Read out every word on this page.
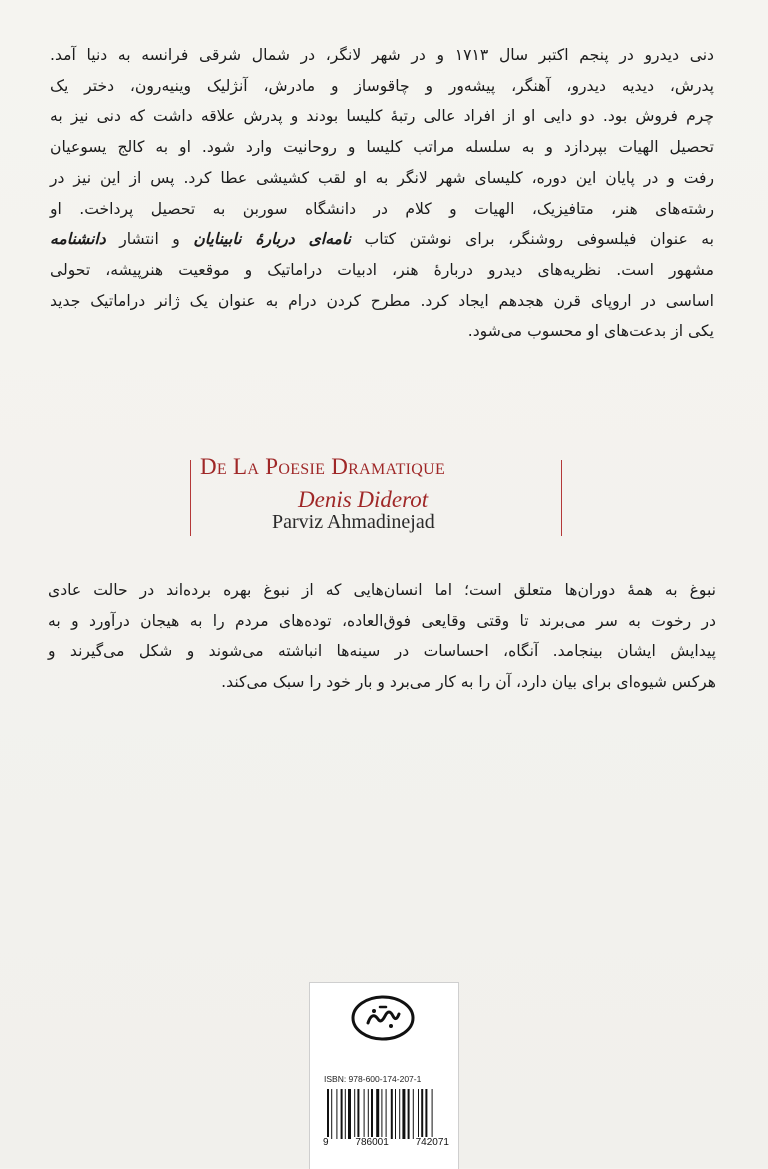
دنی دیدرو در پنجم اکتبر سال ۱۷۱۳ و در شهر لانگر، در شمال شرقی فرانسه به دنیا آمد.
پدرش، دیدیه دیدرو، آهنگر، پیشه‌ور و چاقوساز و مادرش، آنژلیک وینیه‌رون، دختر یک
چرم فروش بود. دو دایی او از افراد عالی رتبهٔ کلیسا بودند و پدرش علاقه داشت که دنی نیز به
تحصیل الهیات بپردازد و به سلسله مراتب کلیسا و روحانیت وارد شود. او به کالج یسوعیان
رفت و در پایان این دوره، کلیسای شهر لانگر به او لقب کشیشی عطا کرد. پس از این نیز در
رشته‌های هنر، متافیزیک، الهیات و کلام در دانشگاه سوربن به تحصیل پرداخت. او
به عنوان فیلسوفی روشنگر، برای نوشتن کتاب نامه‌ای دربارهٔ نابینایان و انتشار دانشنامه
مشهور است. نظریه‌های دیدرو دربارهٔ هنر، ادبیات دراماتیک و موقعیت هنرپیشه، تحولی
اساسی در اروپای قرن هجدهم ایجاد کرد. مطرح کردن درام به عنوان یک ژانر دراماتیک جدید
یکی از بدعت‌های او محسوب می‌شود.
De La Poesie Dramatique
Denis Diderot
Parviz Ahmadinejad
نبوغ به همهٔ دوران‌ها متعلق است؛ اما انسان‌هایی که از نبوغ بهره برده‌اند در حالت عادی
در رخوت به سر می‌برند تا وقتی وقایعی فوق‌العاده، توده‌های مردم را به هیجان درآورد و به
پیدایش ایشان بینجامد. آنگاه، احساسات در سینه‌ها انباشته می‌شوند و شکل می‌گیرند و
هرکس شیوه‌ای برای بیان دارد، آن را به کار می‌برد و بار خود را سبک می‌کند.
ISBN: 978-600-174-207-1
9	786001	742071
